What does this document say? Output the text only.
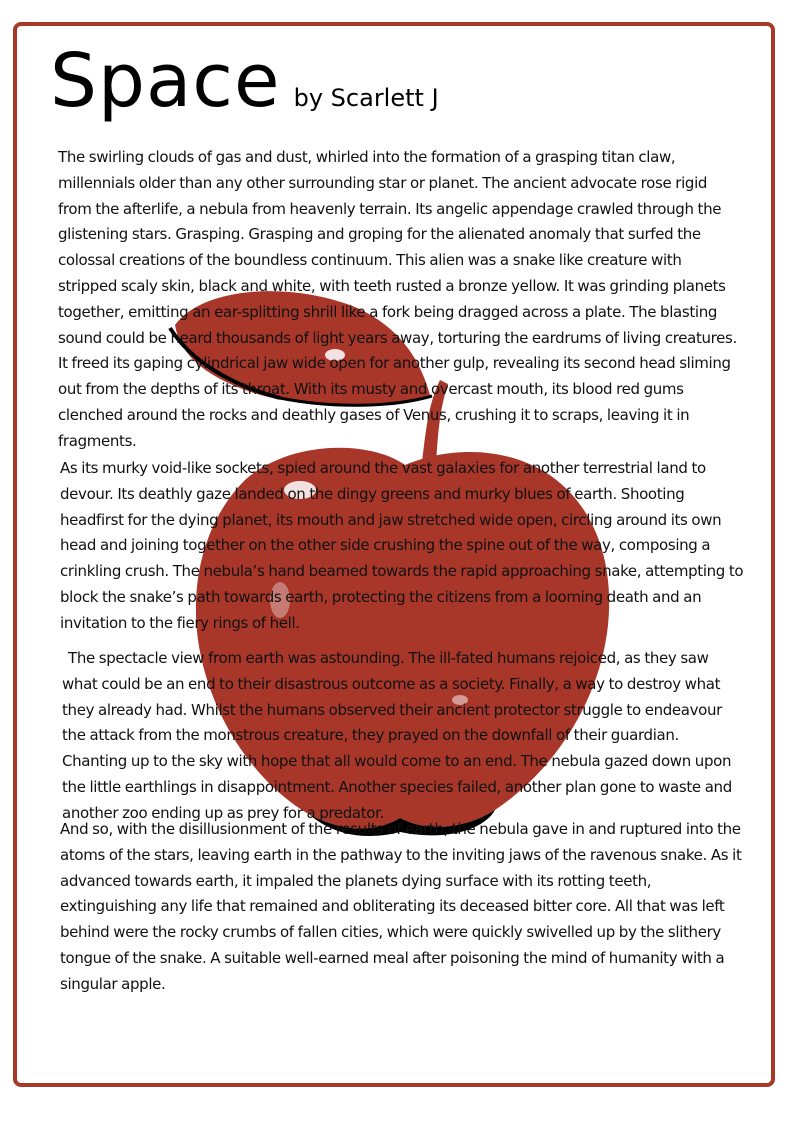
Space by Scarlett J

The swirling clouds of gas and dust, whirled into the formation of a grasping titan claw, millennials older than any other surrounding star or planet. The ancient advocate rose rigid from the afterlife, a nebula from heavenly terrain. Its angelic appendage crawled through the glistening stars. Grasping. Grasping and groping for the alienated anomaly that surfed the colossal creations of the boundless continuum. This alien was a snake like creature with stripped scaly skin, black and white, with teeth rusted a bronze yellow. It was grinding planets together, emitting an ear-splitting shrill like a fork being dragged across a plate. The blasting sound could be heard thousands of light years away, torturing the eardrums of living creatures. It freed its gaping cylindrical jaw wide open for another gulp, revealing its second head sliming out from the depths of its throat. With its musty and overcast mouth, its blood red gums clenched around the rocks and deathly gases of Venus, crushing it to scraps, leaving it in fragments.

As its murky void-like sockets, spied around the vast galaxies for another terrestrial land to devour. Its deathly gaze landed on the dingy greens and murky blues of earth. Shooting headfirst for the dying planet, its mouth and jaw stretched wide open, circling around its own head and joining together on the other side crushing the spine out of the way, composing a crinkling crush. The nebula’s hand beamed towards the rapid approaching snake, attempting to block the snake’s path towards earth, protecting the citizens from a looming death and an invitation to the fiery rings of hell.

The spectacle view from earth was astounding. The ill-fated humans rejoiced, as they saw what could be an end to their disastrous outcome as a society. Finally, a way to destroy what they already had. Whilst the humans observed their ancient protector struggle to endeavour the attack from the monstrous creature, they prayed on the downfall of their guardian. Chanting up to the sky with hope that all would come to an end. The nebula gazed down upon the little earthlings in disappointment. Another species failed, another plan gone to waste and another zoo ending up as prey for a predator.

And so, with the disillusionment of the results of earth, the nebula gave in and ruptured into the atoms of the stars, leaving earth in the pathway to the inviting jaws of the ravenous snake. As it advanced towards earth, it impaled the planets dying surface with its rotting teeth, extinguishing any life that remained and obliterating its deceased bitter core. All that was left behind were the rocky crumbs of fallen cities, which were quickly swivelled up by the slithery tongue of the snake. A suitable well-earned meal after poisoning the mind of humanity with a singular apple.
